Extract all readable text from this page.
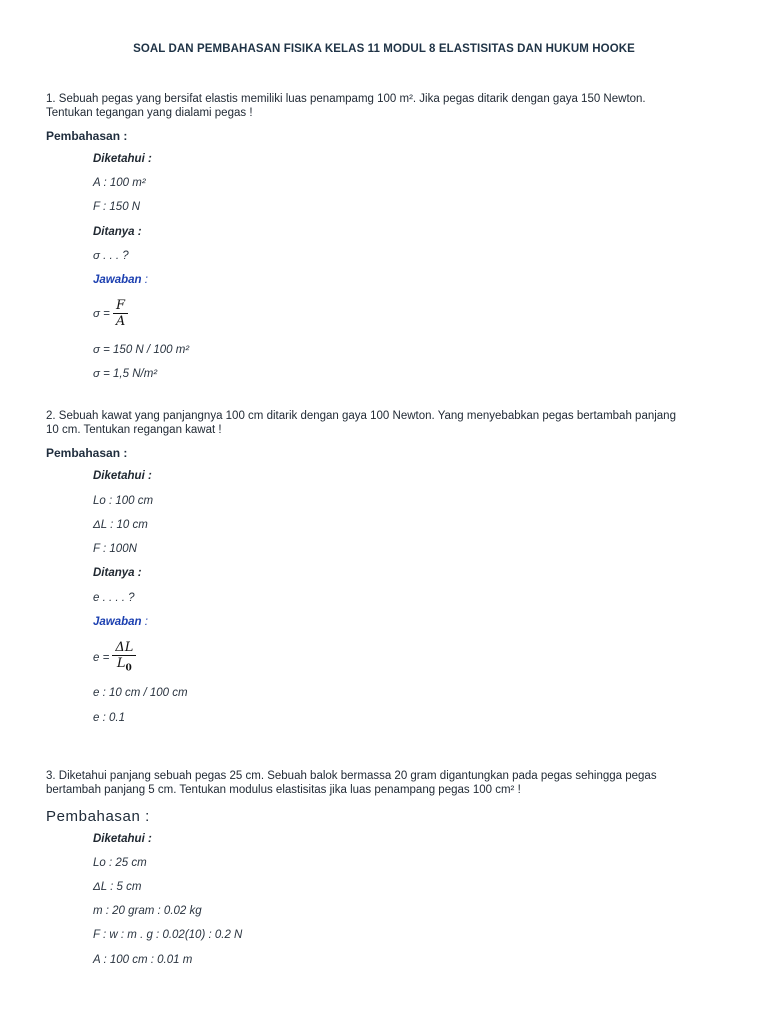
SOAL DAN PEMBAHASAN FISIKA KELAS 11 MODUL 8 ELASTISITAS DAN HUKUM HOOKE
1. Sebuah pegas yang bersifat elastis memiliki luas penampamg 100 m². Jika pegas ditarik dengan gaya 150 Newton.
Tentukan tegangan yang dialami pegas !
Pembahasan :
Diketahui :
A : 100 m²
F : 150 N
Ditanya :
σ . . . ?
Jawaban :
$\sigma = \frac{F}{A}$
σ = 150 N / 100 m²
σ = 1,5 N/m²
2. Sebuah kawat yang panjangnya 100 cm ditarik dengan gaya 100 Newton. Yang menyebabkan pegas bertambah panjang
10 cm. Tentukan regangan kawat !
Pembahasan :
Diketahui :
Lo : 100 cm
ΔL : 10 cm
F : 100N
Ditanya :
e . . . . ?
Jawaban :
$e = \frac{\Delta L}{L_0}$
e : 10 cm / 100 cm
e : 0.1
3. Diketahui panjang sebuah pegas 25 cm. Sebuah balok bermassa 20 gram digantungkan pada pegas sehingga pegas
bertambah panjang 5 cm. Tentukan modulus elastisitas jika luas penampang pegas 100 cm² !
Pembahasan :
Diketahui :
Lo : 25 cm
ΔL : 5 cm
m : 20 gram : 0.02 kg
F : w : m . g : 0.02(10) : 0.2 N
A : 100 cm : 0.01 m
